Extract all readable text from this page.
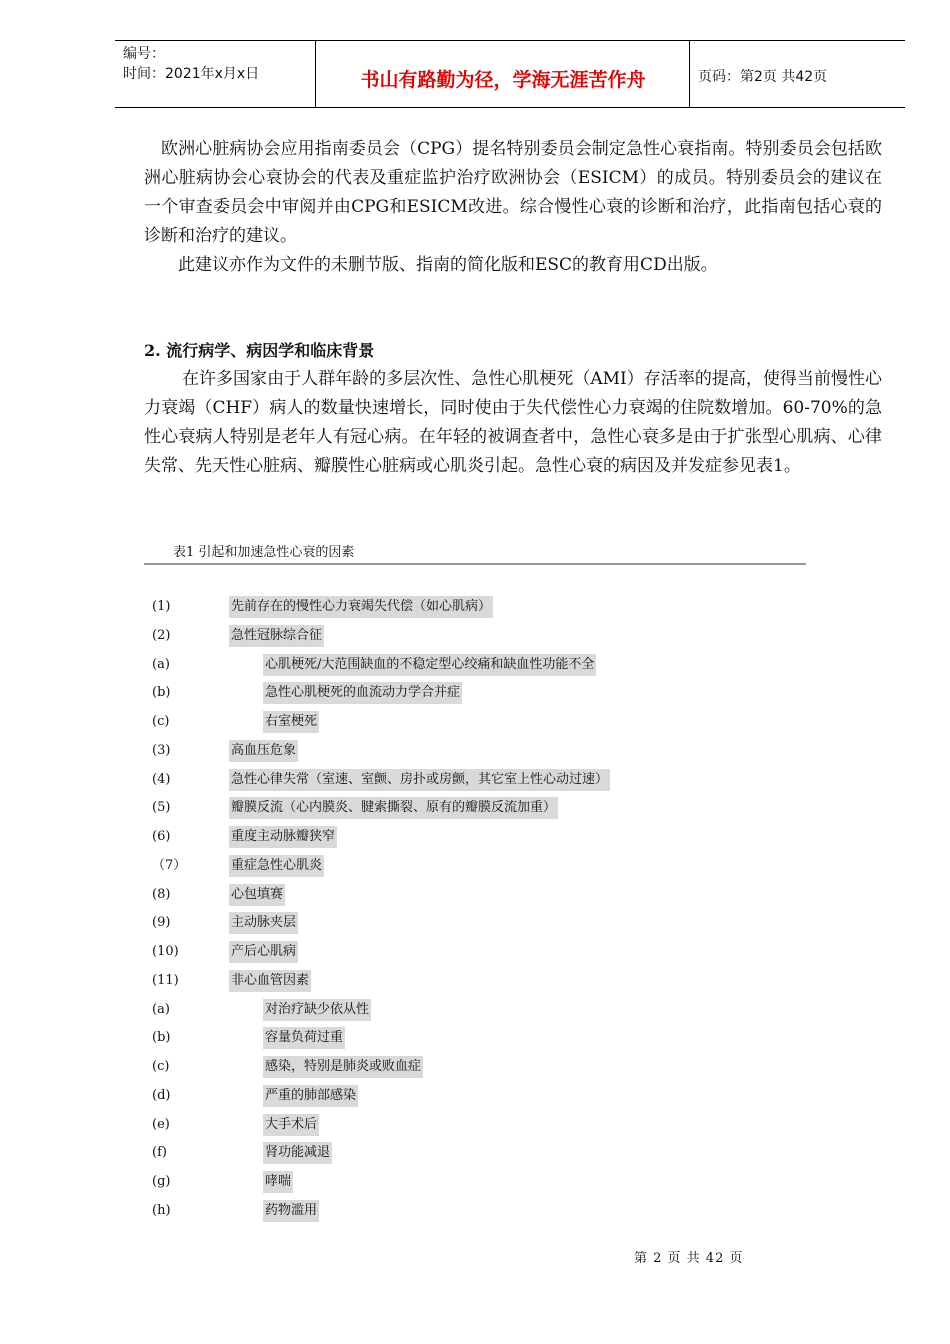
编号：
时间：2021年x月x日	书山有路勤为径，学海无涯苦作舟	页码：第2页 共42页

欧洲心脏病协会应用指南委员会（CPG）提名特别委员会制定急性心衰指南。特别委员会包括欧洲心脏病协会心衰协会的代表及重症监护治疗欧洲协会（ESICM）的成员。特别委员会的建议在一个审查委员会中审阅并由CPG和ESICM改进。综合慢性心衰的诊断和治疗，此指南包括心衰的诊断和治疗的建议。

此建议亦作为文件的未删节版、指南的简化版和ESC的教育用CD出版。

2. 流行病学、病因学和临床背景

在许多国家由于人群年龄的多层次性、急性心肌梗死（AMI）存活率的提高，使得当前慢性心力衰竭（CHF）病人的数量快速增长，同时使由于失代偿性心力衰竭的住院数增加。60-70%的急性心衰病人特别是老年人有冠心病。在年轻的被调查者中，急性心衰多是由于扩张型心肌病、心律失常、先天性心脏病、瓣膜性心脏病或心肌炎引起。急性心衰的病因及并发症参见表1。

表1 引起和加速急性心衰的因素
(1)	先前存在的慢性心力衰竭失代偿（如心肌病）
(2)	急性冠脉综合征
(a)	心肌梗死/大范围缺血的不稳定型心绞痛和缺血性功能不全
(b)	急性心肌梗死的血流动力学合并症
(c)	右室梗死
(3)	高血压危象
(4)	急性心律失常（室速、室颤、房扑或房颤，其它室上性心动过速）
(5)	瓣膜反流（心内膜炎、腱索撕裂、原有的瓣膜反流加重）
(6)	重度主动脉瓣狭窄
（7）	重症急性心肌炎
(8)	心包填赛
(9)	主动脉夹层
(10)	产后心肌病
(11)	非心血管因素
(a)	对治疗缺少依从性
(b)	容量负荷过重
(c)	感染，特别是肺炎或败血症
(d)	严重的肺部感染
(e)	大手术后
(f)	肾功能减退
(g)	哮喘
(h)	药物滥用
第 2 页 共 42 页
